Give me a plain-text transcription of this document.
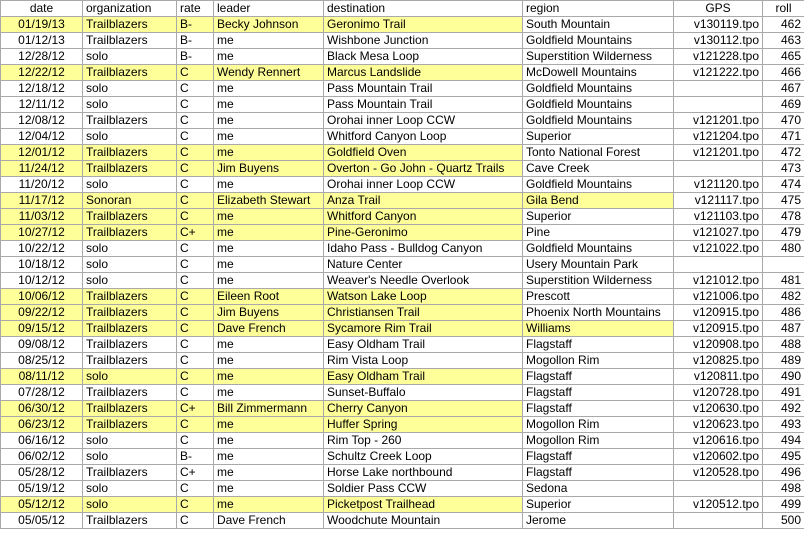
date	organization	rate	leader	destination	region	GPS	roll
01/19/13	Trailblazers	B-	Becky Johnson	Geronimo Trail	South Mountain	v130119.tpo	462
01/12/13	Trailblazers	B-	me	Wishbone Junction	Goldfield Mountains	v130112.tpo	463
12/28/12	solo	B-	me	Black Mesa Loop	Superstition Wilderness	v121228.tpo	465
12/22/12	Trailblazers	C	Wendy Rennert	Marcus Landslide	McDowell Mountains	v121222.tpo	466
12/18/12	solo	C	me	Pass Mountain Trail	Goldfield Mountains		467
12/11/12	solo	C	me	Pass Mountain Trail	Goldfield Mountains		469
12/08/12	Trailblazers	C	me	Orohai inner Loop CCW	Goldfield Mountains	v121201.tpo	470
12/04/12	solo	C	me	Whitford Canyon Loop	Superior	v121204.tpo	471
12/01/12	Trailblazers	C	me	Goldfield Oven	Tonto National Forest	v121201.tpo	472
11/24/12	Trailblazers	C	Jim Buyens	Overton - Go John - Quartz Trails	Cave Creek		473
11/20/12	solo	C	me	Orohai inner Loop CCW	Goldfield Mountains	v121120.tpo	474
11/17/12	Sonoran	C	Elizabeth Stewart	Anza Trail	Gila Bend	v121117.tpo	475
11/03/12	Trailblazers	C	me	Whitford Canyon	Superior	v121103.tpo	478
10/27/12	Trailblazers	C+	me	Pine-Geronimo	Pine	v121027.tpo	479
10/22/12	solo	C	me	Idaho Pass - Bulldog Canyon	Goldfield Mountains	v121022.tpo	480
10/18/12	solo	C	me	Nature Center	Usery Mountain Park		
10/12/12	solo	C	me	Weaver's Needle Overlook	Superstition Wilderness	v121012.tpo	481
10/06/12	Trailblazers	C	Eileen Root	Watson Lake Loop	Prescott	v121006.tpo	482
09/22/12	Trailblazers	C	Jim Buyens	Christiansen Trail	Phoenix North Mountains	v120915.tpo	486
09/15/12	Trailblazers	C	Dave French	Sycamore Rim Trail	Williams	v120915.tpo	487
09/08/12	Trailblazers	C	me	Easy Oldham Trail	Flagstaff	v120908.tpo	488
08/25/12	Trailblazers	C	me	Rim Vista Loop	Mogollon Rim	v120825.tpo	489
08/11/12	solo	C	me	Easy Oldham Trail	Flagstaff	v120811.tpo	490
07/28/12	Trailblazers	C	me	Sunset-Buffalo	Flagstaff	v120728.tpo	491
06/30/12	Trailblazers	C+	Bill Zimmermann	Cherry Canyon	Flagstaff	v120630.tpo	492
06/23/12	Trailblazers	C	me	Huffer Spring	Mogollon Rim	v120623.tpo	493
06/16/12	solo	C	me	Rim Top - 260	Mogollon Rim	v120616.tpo	494
06/02/12	solo	B-	me	Schultz Creek Loop	Flagstaff	v120602.tpo	495
05/28/12	Trailblazers	C+	me	Horse Lake northbound	Flagstaff	v120528.tpo	496
05/19/12	solo	C	me	Soldier Pass CCW	Sedona		498
05/12/12	solo	C	me	Picketpost Trailhead	Superior	v120512.tpo	499
05/05/12	Trailblazers	C	Dave French	Woodchute Mountain	Jerome		500
